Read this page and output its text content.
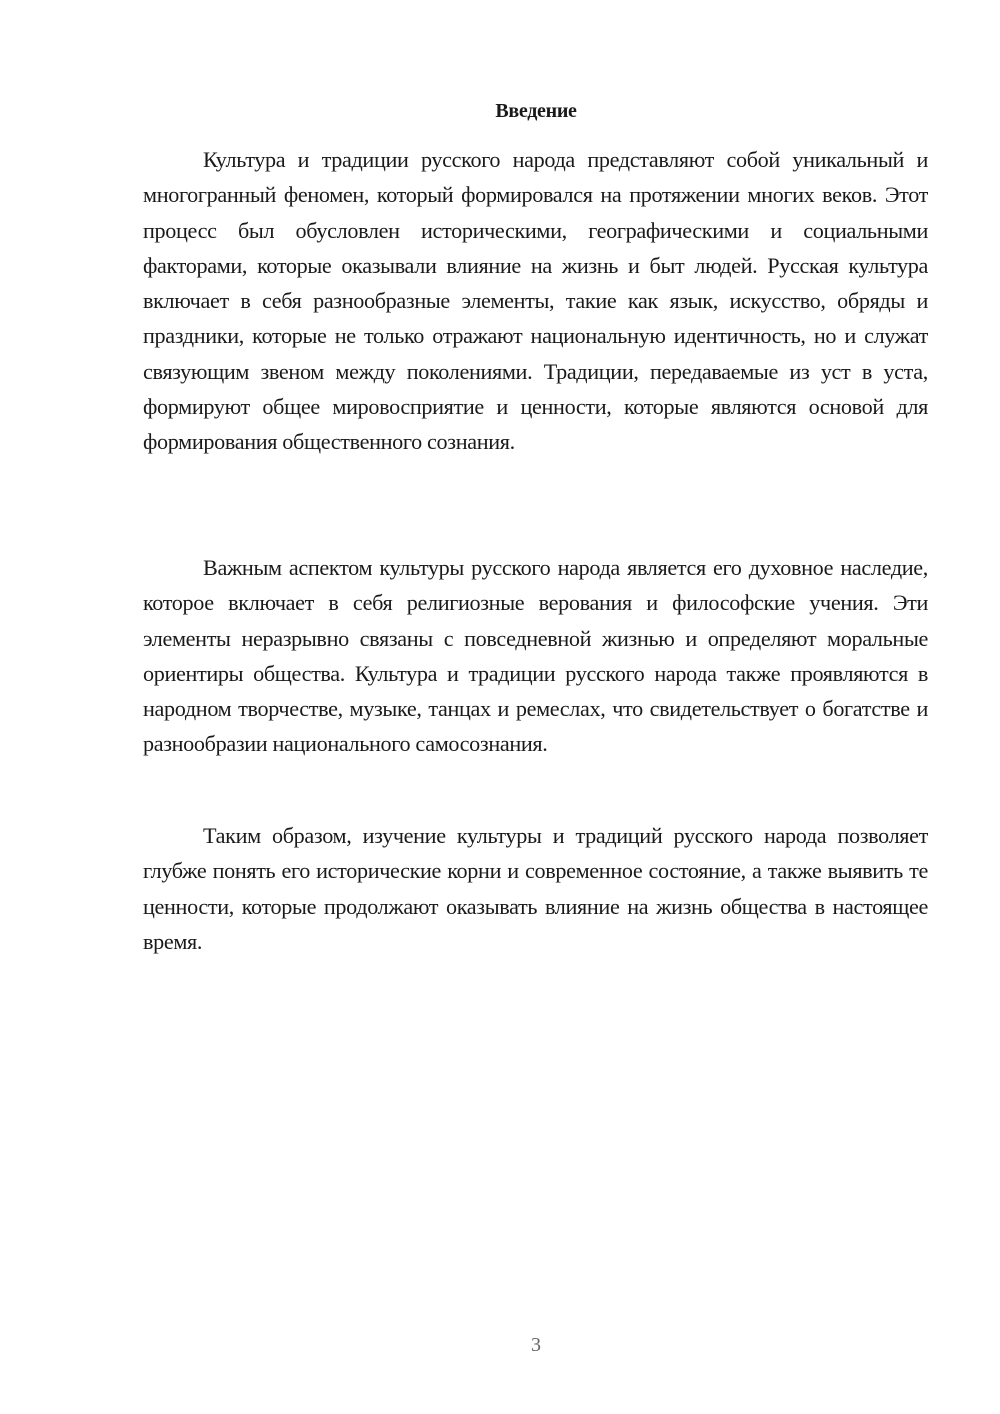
Введение

Культура и традиции русского народа представляют собой уникальный и многогранный феномен, который формировался на протяжении многих веков. Этот процесс был обусловлен историческими, географическими и социальными факторами, которые оказывали влияние на жизнь и быт людей. Русская культура включает в себя разнообразные элементы, такие как язык, искусство, обряды и праздники, которые не только отражают национальную идентичность, но и служат связующим звеном между поколениями. Традиции, передаваемые из уст в уста, формируют общее мировосприятие и ценности, которые являются основой для формирования общественного сознания.

Важным аспектом культуры русского народа является его духовное наследие, которое включает в себя религиозные верования и философские учения. Эти элементы неразрывно связаны с повседневной жизнью и определяют моральные ориентиры общества. Культура и традиции русского народа также проявляются в народном творчестве, музыке, танцах и ремеслах, что свидетельствует о богатстве и разнообразии национального самосознания.

Таким образом, изучение культуры и традиций русского народа позволяет глубже понять его исторические корни и современное состояние, а также выявить те ценности, которые продолжают оказывать влияние на жизнь общества в настоящее время.

3
